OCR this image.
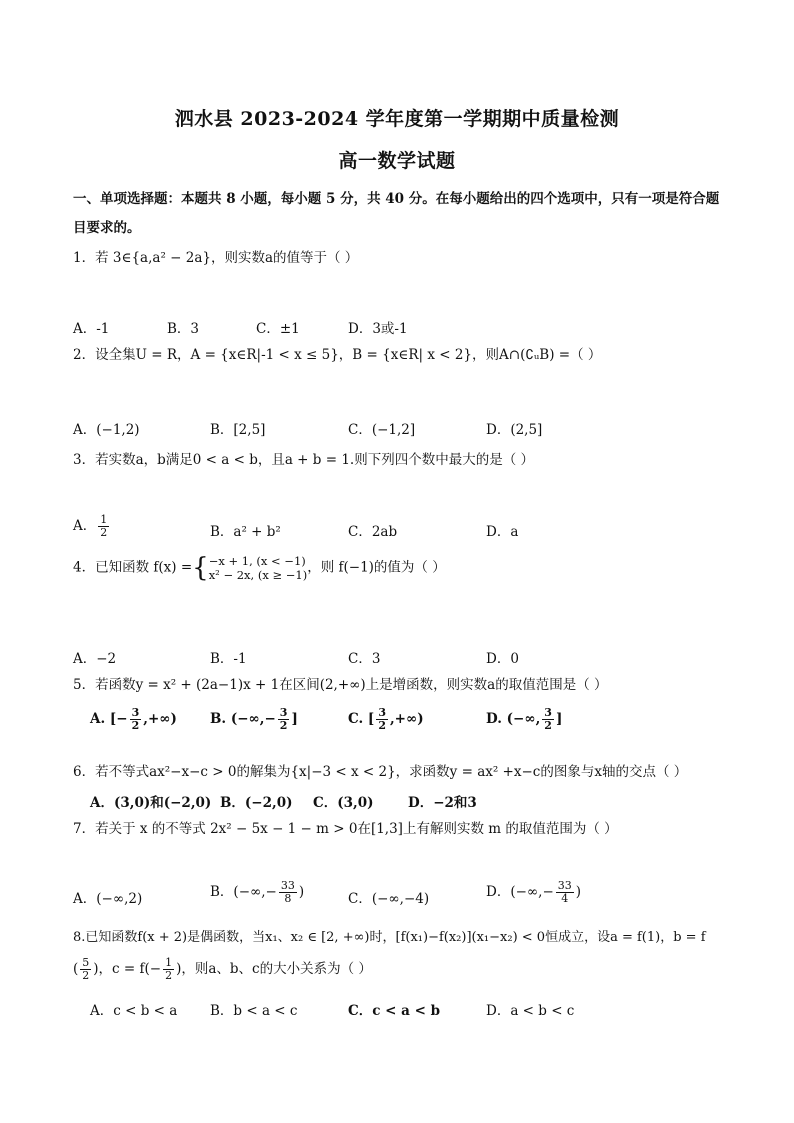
泗水县 2023-2024 学年度第一学期期中质量检测
高一数学试题
一、单项选择题：本题共 8 小题，每小题 5 分，共 40 分。在每小题给出的四个选项中，只有一项是符合题
目要求的。
1．若 3∈{a,a² − 2a}，则实数a的值等于（ ）
A．-1	B．3	C．±1	D．3或-1
2．设全集U = R，A = {x∈R|-1 < x ≤ 5}，B = {x∈R| x < 2}，则A∩(∁ᵤB) =（ ）
A．(−1,2)	B．[2,5]	C．(−1,2]	D．(2,5]
3．若实数a，b满足0 < a < b，且a + b = 1.则下列四个数中最大的是（ ）
A． $\frac{1}{2}$	B．a² + b²	C．2ab	D．a
4．已知函数 f(x) ={ −x + 1, (x < −1)
x² − 2x, (x ≥ −1) ，则 f(−1)的值为（ ）
A．−2	B．-1	C．3	D．0
5．若函数y = x² + (2a−1)x + 1在区间(2,+∞)上是增函数，则实数a的取值范围是（ ）
A. [− $\frac{3}{2}$ ,+∞) B. (−∞,− $\frac{3}{2}$ ]	C. [ $\frac{3}{2}$ ,+∞)	D. (−∞, $\frac{3}{2}$ ]
6．若不等式ax²−x−c > 0的解集为{x|−3 < x < 2}，求函数y = ax² +x−c的图象与x轴的交点（ ）
A．(3,0)和(−2,0) B．(−2,0) C．(3,0)	D．−2和3
7．若关于 x 的不等式 2x² − 5x − 1 − m > 0在[1,3]上有解则实数 m 的取值范围为（ ）
A．(−∞,2)	B．(−∞,− $\frac{33}{8}$ )	C．(−∞,−4)	D．(−∞,− $\frac{33}{4}$ )
8.已知函数f(x + 2)是偶函数，当x₁、x₂ ∈ [2, +∞)时，[f(x₁)−f(x₂)](x₁−x₂) < 0恒成立，设a = f(1)，b = f
( $\frac{5}{2}$ )，$c = f(- \frac{1}{2}$ )，则a、b、c的大小关系为（ ）
A．c < b < a B．b < a < c	C．c < a < b	D．a < b < c
